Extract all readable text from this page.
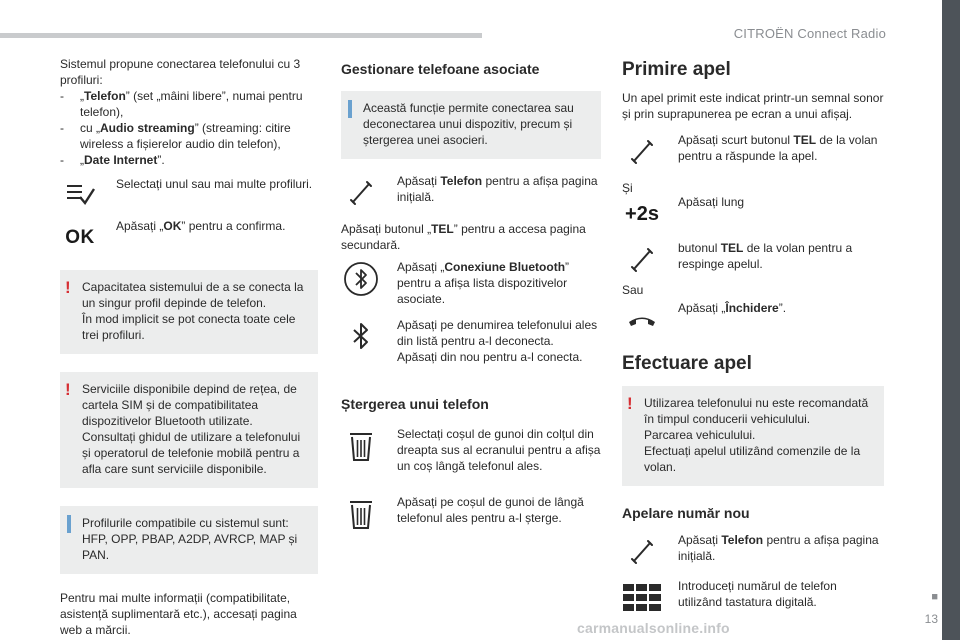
CITROËN Connect Radio
■
13
carmanualsonline.info

Sistemul propune conectarea telefonului cu 3 profiluri:

- „Telefon” (set „mâini libere”, numai pentru telefon),
- cu „Audio streaming” (streaming: citire wireless a fișierelor audio din telefon),
- „Date Internet”.

Selectați unul sau mai multe profiluri.

OK

Apăsați „OK” pentru a confirma.

! Capacitatea sistemului de a se conecta la un singur profil depinde de telefon.
În mod implicit se pot conecta toate cele trei profiluri.

! Serviciile disponibile depind de rețea, de cartela SIM și de compatibilitatea dispozitivelor Bluetooth utilizate.
Consultați ghidul de utilizare a telefonului și operatorul de telefonie mobilă pentru a afla care sunt serviciile disponibile.

Profilurile compatibile cu sistemul sunt: HFP, OPP, PBAP, A2DP, AVRCP, MAP și PAN.

Pentru mai multe informații (compatibilitate, asistență suplimentară etc.), accesați pagina web a mărcii.

Gestionare telefoane asociate

Această funcție permite conectarea sau deconectarea unui dispozitiv, precum și ștergerea unei asocieri.

Apăsați Telefon pentru a afișa pagina inițială.

Apăsați butonul „TEL” pentru a accesa pagina secundară.

Apăsați „Conexiune Bluetooth” pentru a afișa lista dispozitivelor asociate.

Apăsați pe denumirea telefonului ales din listă pentru a-l deconecta.
Apăsați din nou pentru a-l conecta.

Ștergerea unui telefon

Selectați coșul de gunoi din colțul din dreapta sus al ecranului pentru a afișa un coș lângă telefonul ales.

Apăsați pe coșul de gunoi de lângă telefonul ales pentru a-l șterge.

Primire apel

Un apel primit este indicat printr-un semnal sonor și prin suprapunerea pe ecran a unui afișaj.

Apăsați scurt butonul TEL de la volan pentru a răspunde la apel.

Și

+2s

Apăsați lung

butonul TEL de la volan pentru a respinge apelul.

Sau

Apăsați „Închidere”.

Efectuare apel
! Utilizarea telefonului nu este recomandată în timpul conducerii vehiculului.
Parcarea vehiculului.
Efectuați apelul utilizând comenzile de la volan.

Apelare număr nou

Apăsați Telefon pentru a afișa pagina inițială.

Introduceți numărul de telefon utilizând tastatura digitală.
